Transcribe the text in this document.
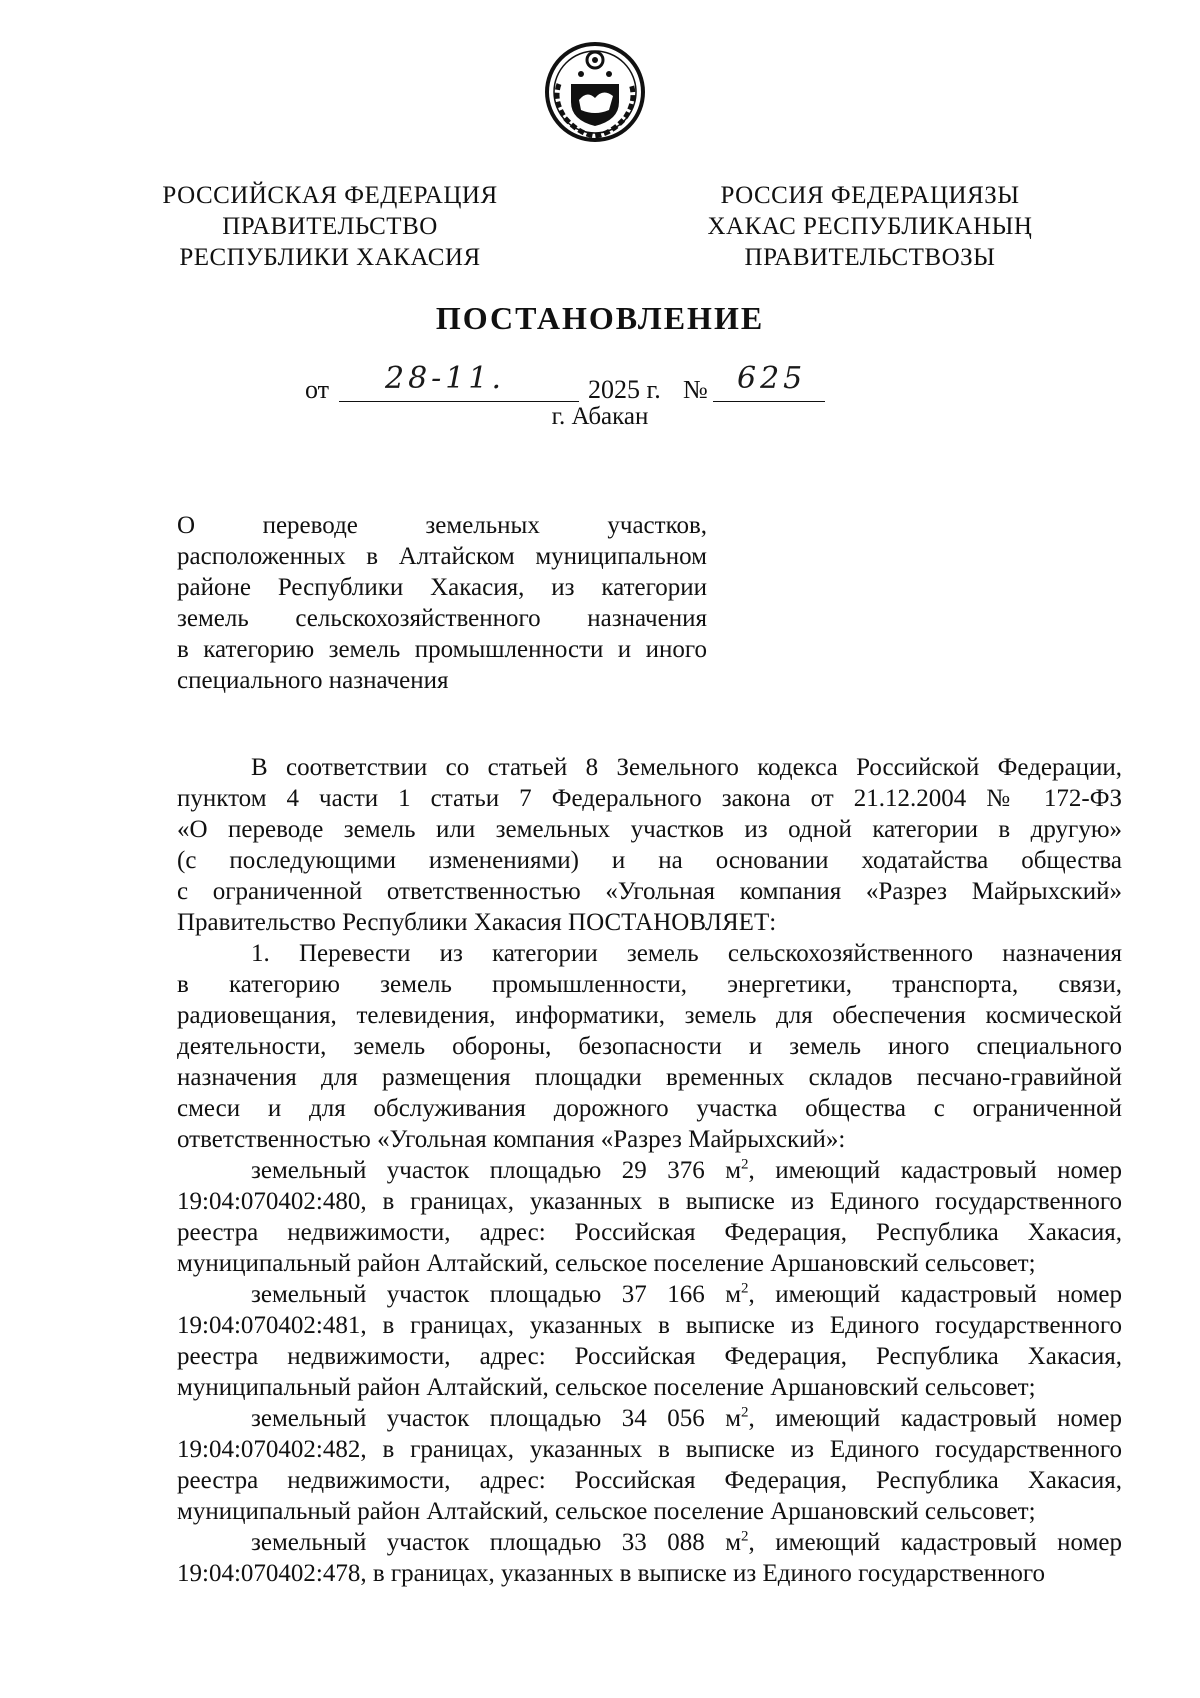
РОССИЙСКАЯ ФЕДЕРАЦИЯ
ПРАВИТЕЛЬСТВО
РЕСПУБЛИКИ ХАКАСИЯ
РОССИЯ ФЕДЕРАЦИЯЗЫ
ХАКАС РЕСПУБЛИКАНЫҢ
ПРАВИТЕЛЬСТВОЗЫ
ПОСТАНОВЛЕНИЕ
от 28-11.	2025 г. № 625
г. Абакан
О переводе земельных участков,
расположенных в Алтайском муниципальном
районе Республики Хакасия, из категории
земель сельскохозяйственного назначения
в категорию земель промышленности и иного
специального назначения
В соответствии со статьей 8 Земельного кодекса Российской Федерации,
пунктом 4 части 1 статьи 7 Федерального закона от 21.12.2004 № 172-ФЗ
«О переводе земель или земельных участков из одной категории в другую»
(с последующими изменениями) и на основании ходатайства общества
с ограниченной ответственностью «Угольная компания «Разрез Майрыхский»
Правительство Республики Хакасия ПОСТАНОВЛЯЕТ:
1. Перевести из категории земель сельскохозяйственного назначения
в категорию земель промышленности, энергетики, транспорта, связи,
радиовещания, телевидения, информатики, земель для обеспечения космической
деятельности, земель обороны, безопасности и земель иного специального
назначения для размещения площадки временных складов песчано-гравийной
смеси и для обслуживания дорожного участка общества с ограниченной
ответственностью «Угольная компания «Разрез Майрыхский»:
земельный участок площадью 29 376 $м^2$, имеющий кадастровый номер
19:04:070402:480, в границах, указанных в выписке из Единого государственного
реестра недвижимости, адрес: Российская Федерация, Республика Хакасия,
муниципальный район Алтайский, сельское поселение Аршановский сельсовет;
земельный участок площадью 37 166 $м^2$, имеющий кадастровый номер
19:04:070402:481, в границах, указанных в выписке из Единого государственного
реестра недвижимости, адрес: Российская Федерация, Республика Хакасия,
муниципальный район Алтайский, сельское поселение Аршановский сельсовет;
земельный участок площадью 34 056 $м^2$, имеющий кадастровый номер
19:04:070402:482, в границах, указанных в выписке из Единого государственного
реестра недвижимости, адрес: Российская Федерация, Республика Хакасия,
муниципальный район Алтайский, сельское поселение Аршановский сельсовет;
земельный участок площадью 33 088 $м^2$, имеющий кадастровый номер
19:04:070402:478, в границах, указанных в выписке из Единого государственного
